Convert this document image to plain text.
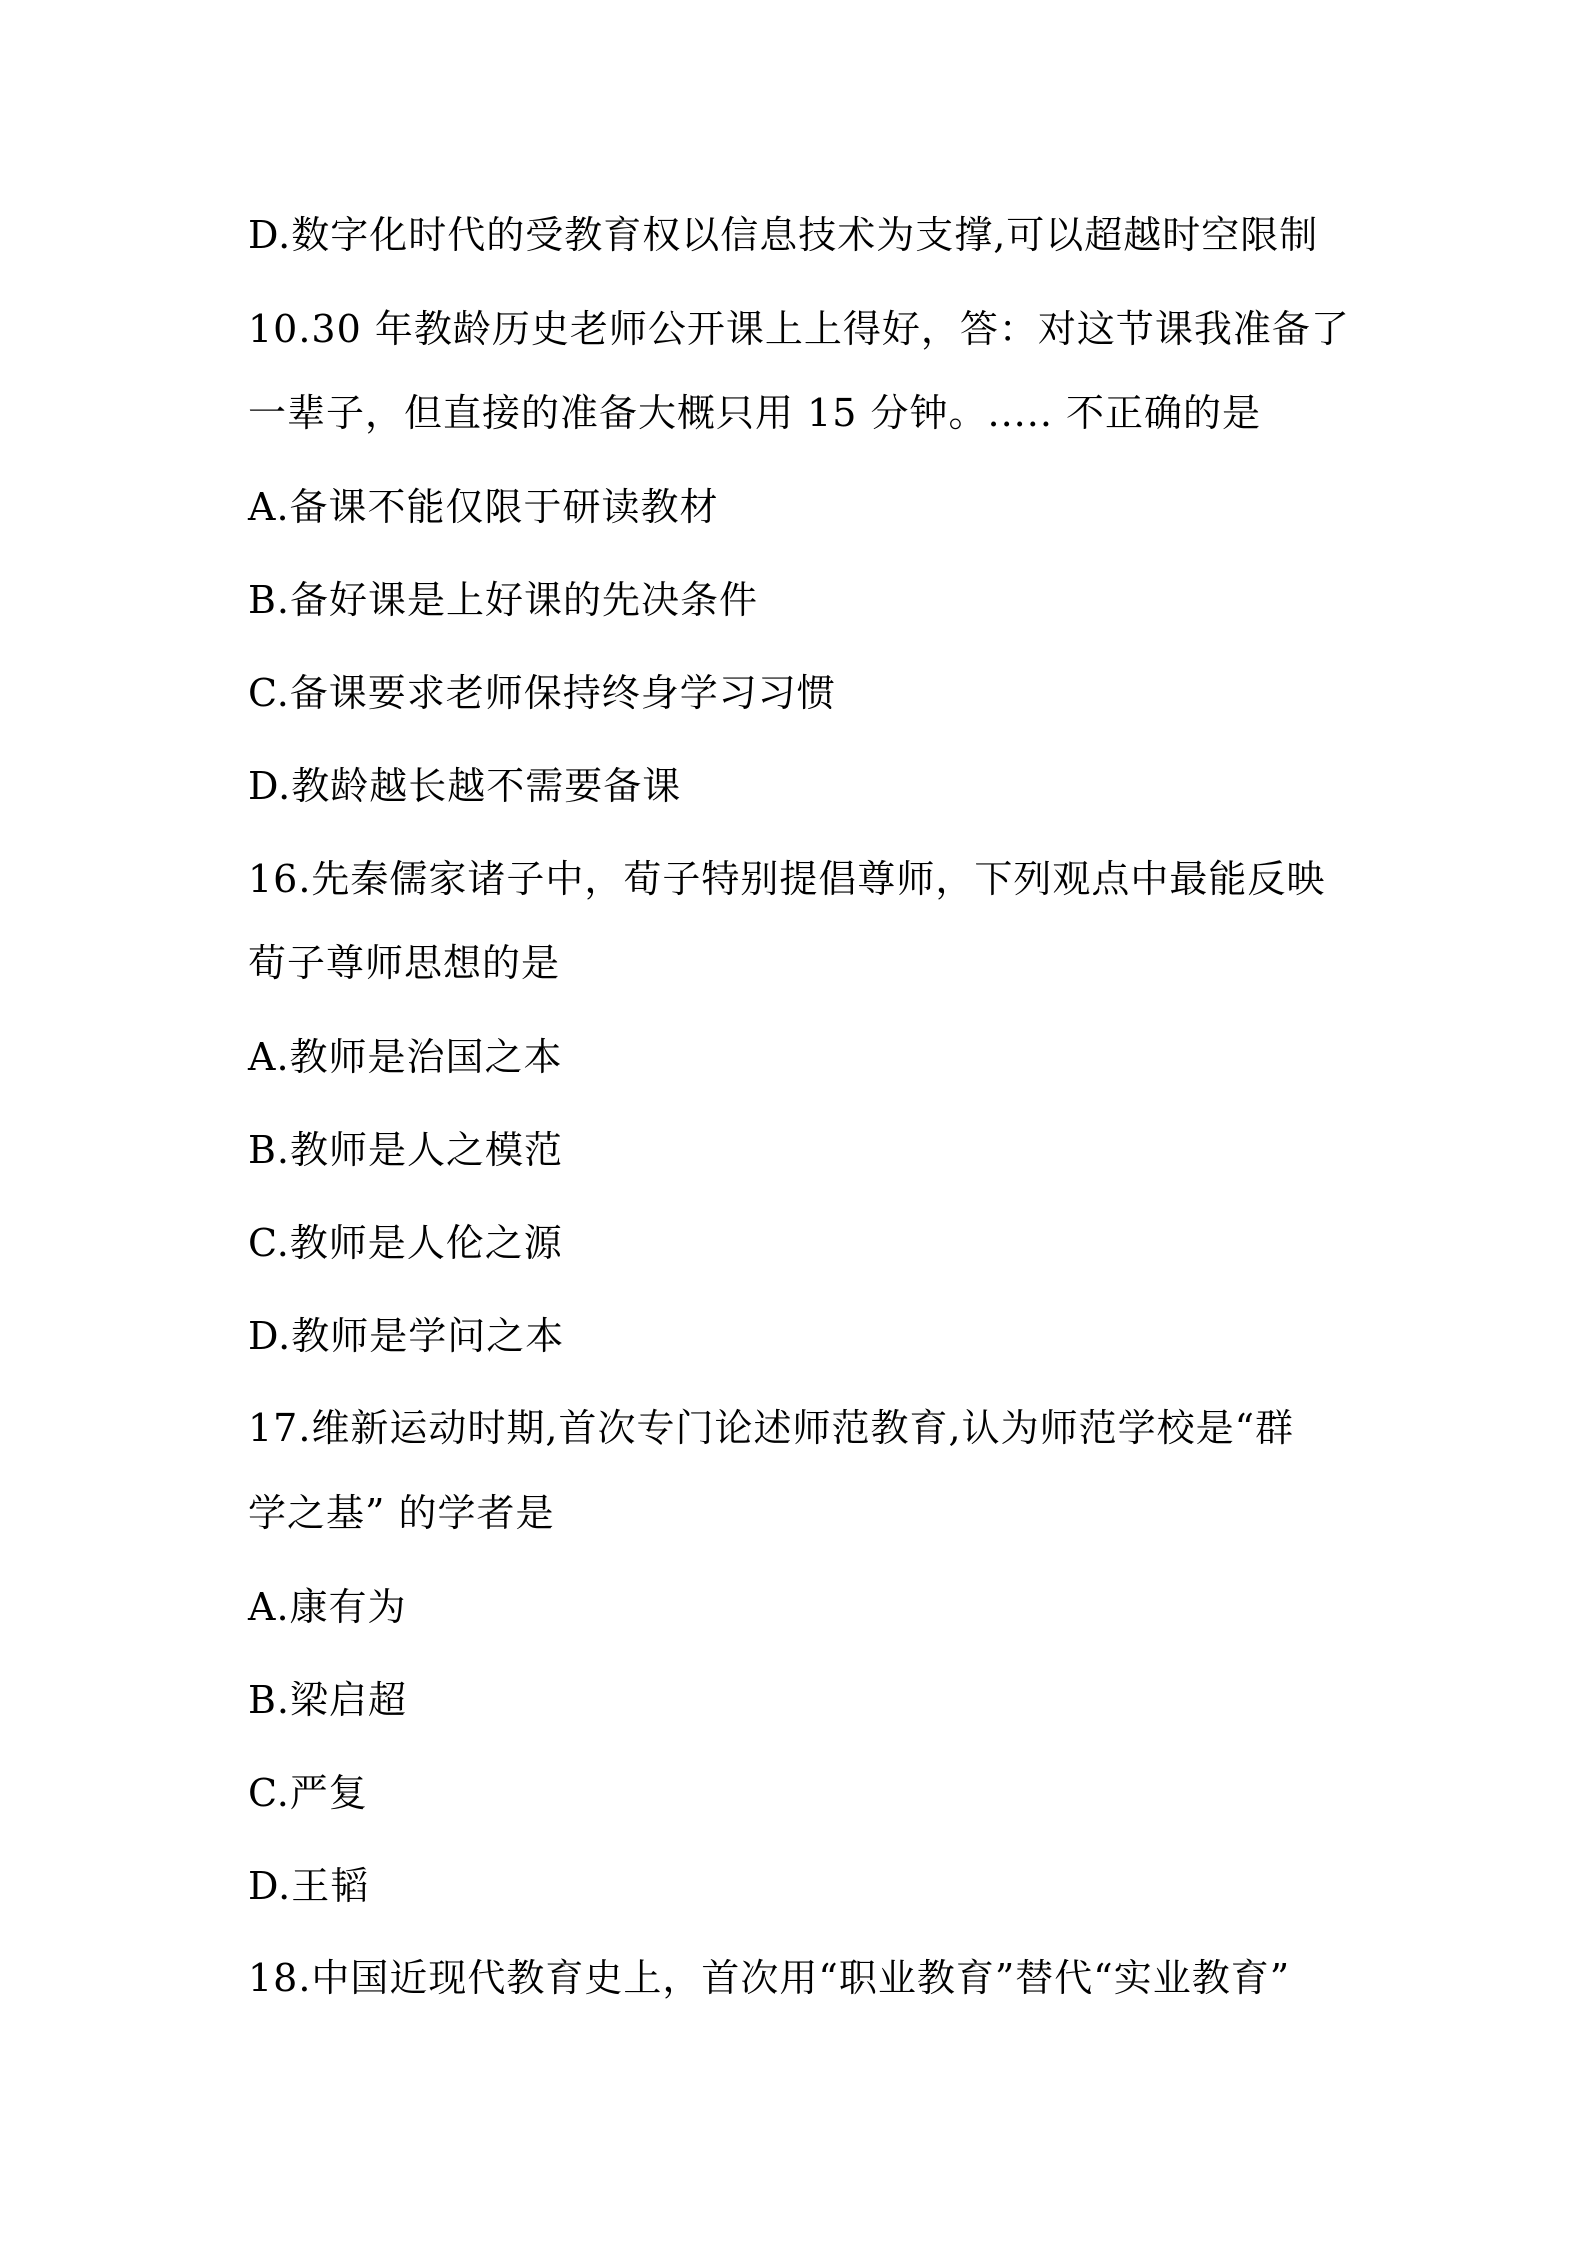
D.数字化时代的受教育权以信息技术为支撑,可以超越时空限制
10.30 年教龄历史老师公开课上上得好，答：对这节课我准备了
一辈子，但直接的准备大概只用 15 分钟。..... 不正确的是
A.备课不能仅限于研读教材
B.备好课是上好课的先决条件
C.备课要求老师保持终身学习习惯
D.教龄越长越不需要备课
16.先秦儒家诸子中，荀子特别提倡尊师，下列观点中最能反映
荀子尊师思想的是
A.教师是治国之本
B.教师是人之模范
C.教师是人伦之源
D.教师是学问之本
17.维新运动时期,首次专门论述师范教育,认为师范学校是“群
学之基” 的学者是
A.康有为
B.梁启超
C.严复
D.王韬
18.中国近现代教育史上，首次用“职业教育”替代“实业教育”
